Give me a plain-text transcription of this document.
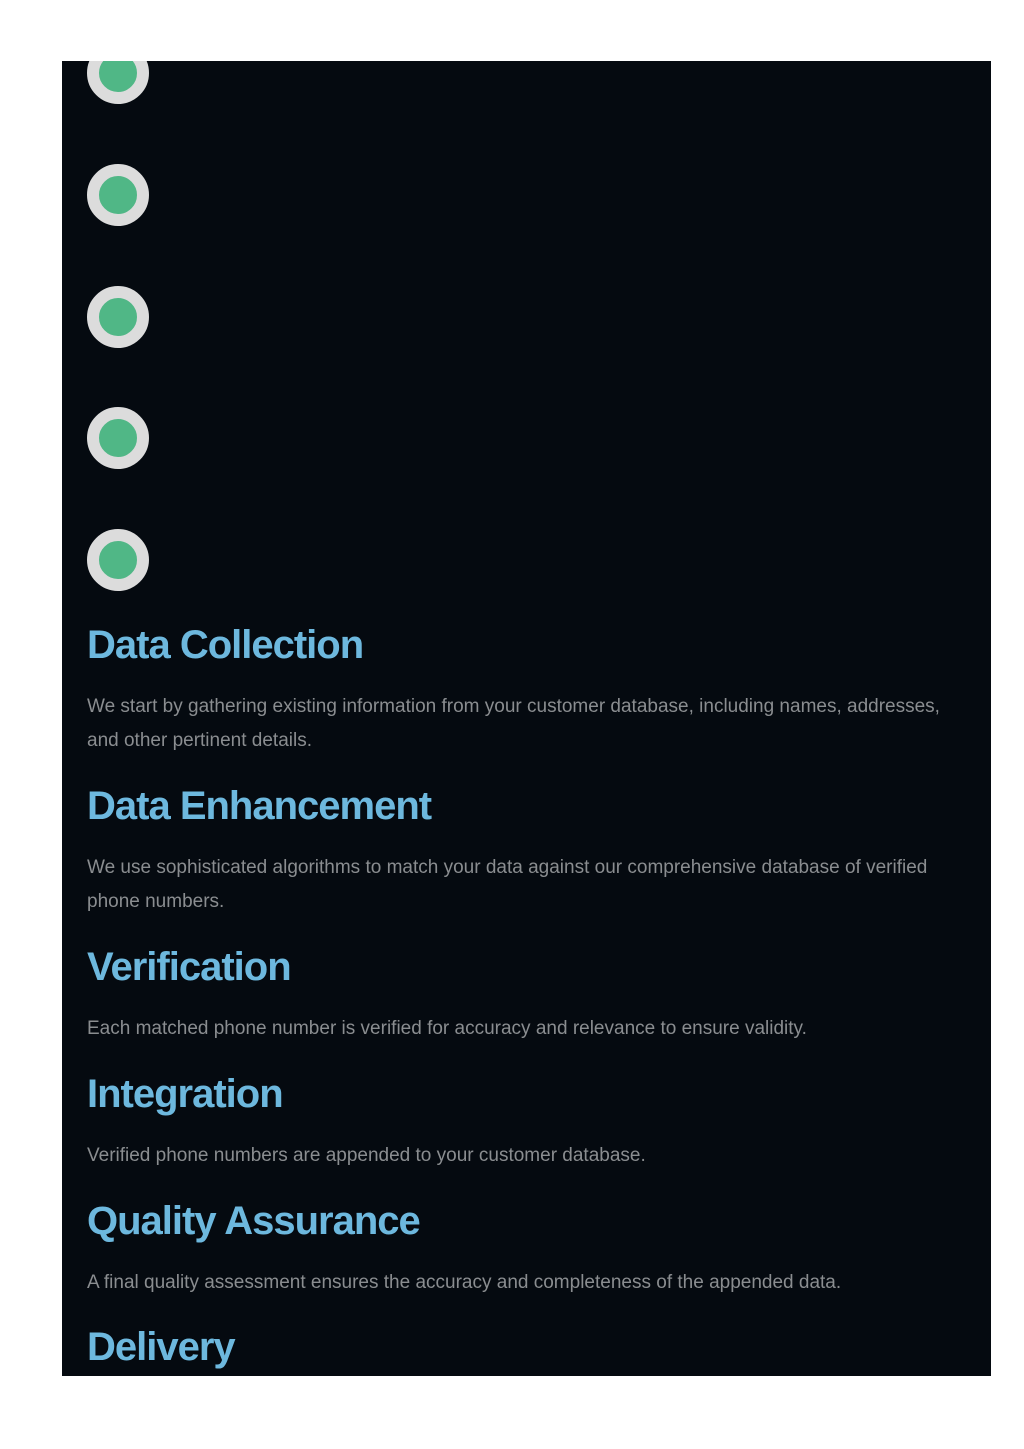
Data Collection

We start by gathering existing information from your customer database, including names, addresses, and other pertinent details.

Data Enhancement

We use sophisticated algorithms to match your data against our comprehensive database of verified phone numbers.

Verification

Each matched phone number is verified for accuracy and relevance to ensure validity.

Integration

Verified phone numbers are appended to your customer database.

Quality Assurance

A final quality assessment ensures the accuracy and completeness of the appended data.

Delivery
